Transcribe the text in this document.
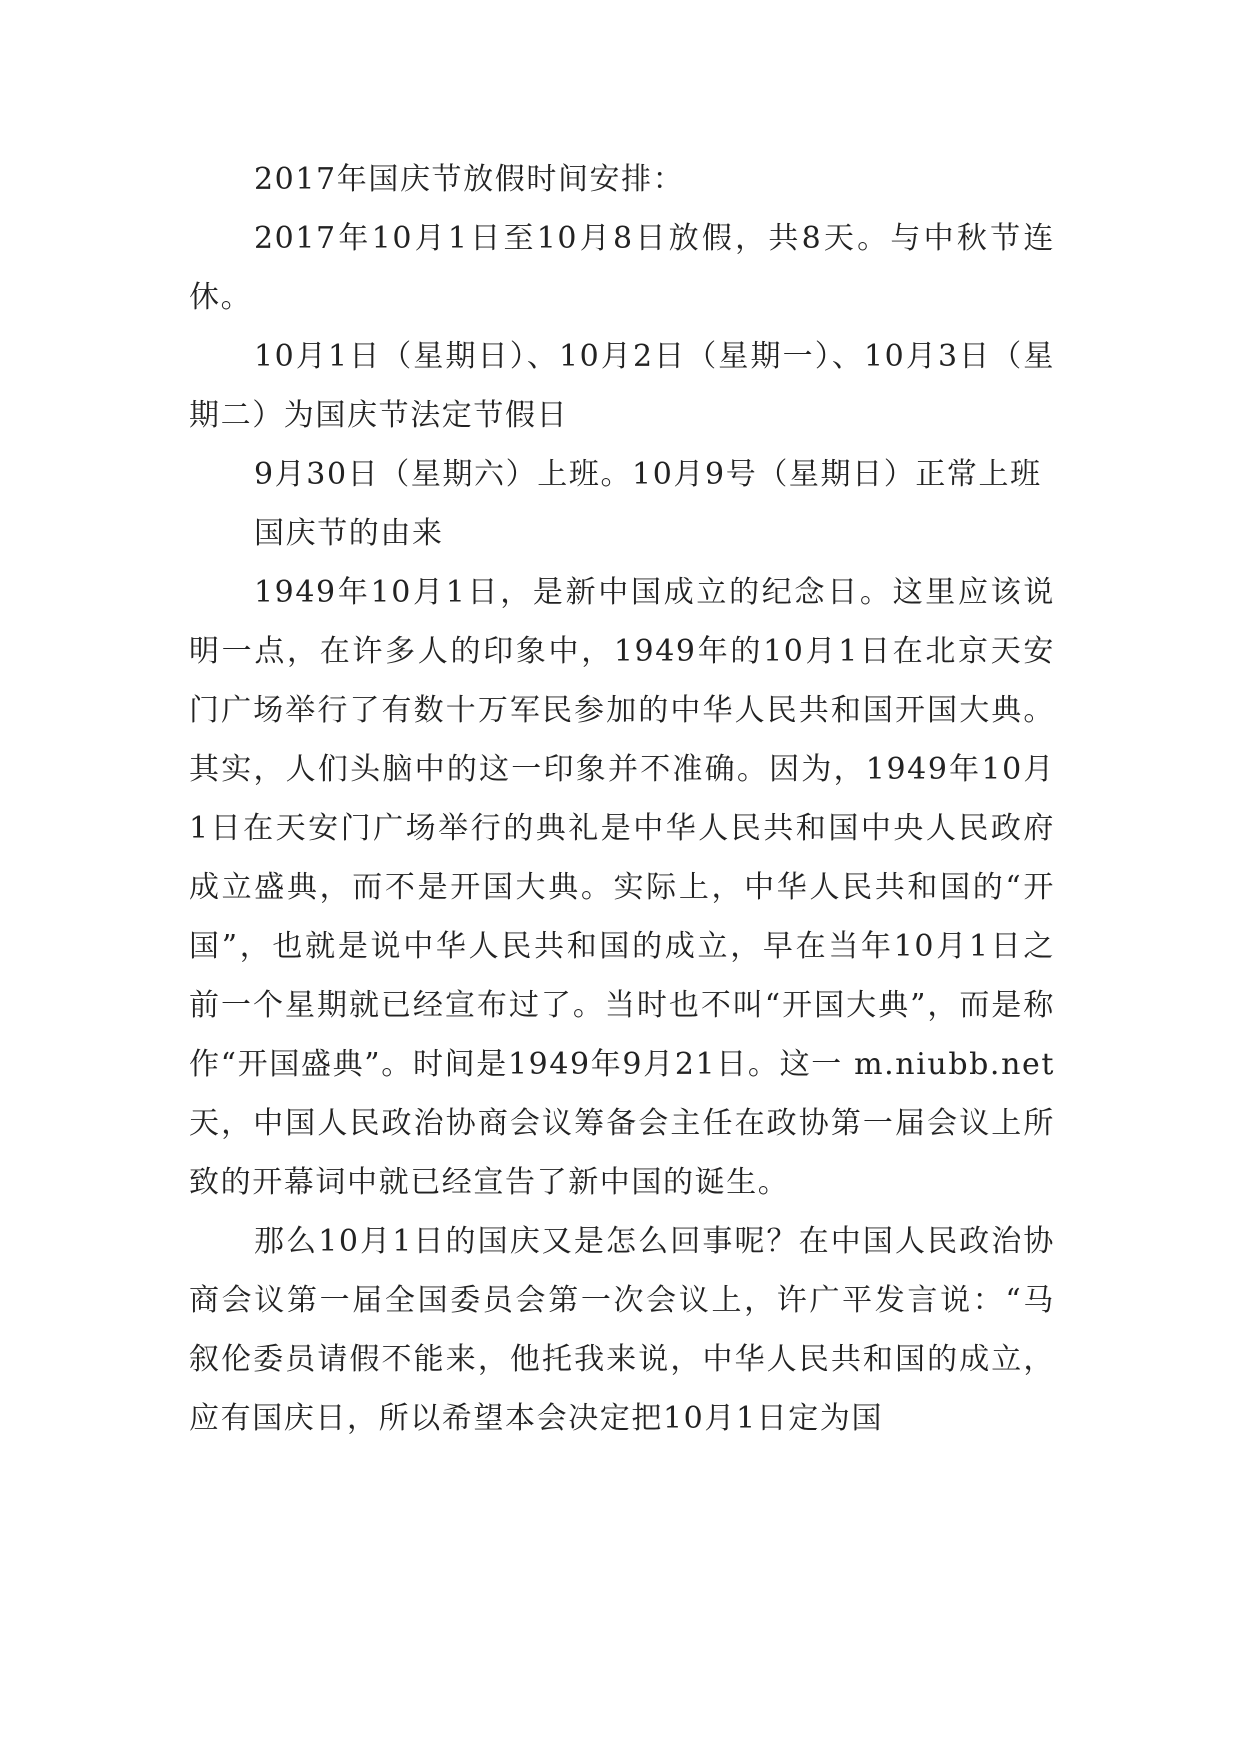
2017年国庆节放假时间安排：

2017年10月1日至10月8日放假，共8天。与中秋节连休。

10月1日（星期日）、10月2日（星期一）、10月3日（星期二）为国庆节法定节假日

9月30日（星期六）上班。10月9号（星期日）正常上班

国庆节的由来

1949年10月1日，是新中国成立的纪念日。这里应该说明一点，在许多人的印象中，1949年的10月1日在北京天安门广场举行了有数十万军民参加的中华人民共和国开国大典。其实，人们头脑中的这一印象并不准确。因为，1949年10月1日在天安门广场举行的典礼是中华人民共和国中央人民政府成立盛典，而不是开国大典。实际上，中华人民共和国的“开国”，也就是说中华人民共和国的成立，早在当年10月1日之前一个星期就已经宣布过了。当时也不叫“开国大典”，而是称作“开国盛典”。时间是1949年9月21日。这一 m.niubb.net 天，中国人民政治协商会议筹备会主任在政协第一届会议上所致的开幕词中就已经宣告了新中国的诞生。

那么10月1日的国庆又是怎么回事呢？在中国人民政治协商会议第一届全国委员会第一次会议上，许广平发言说：“马叙伦委员请假不能来，他托我来说，中华人民共和国的成立，应有国庆日，所以希望本会决定把10月1日定为国
